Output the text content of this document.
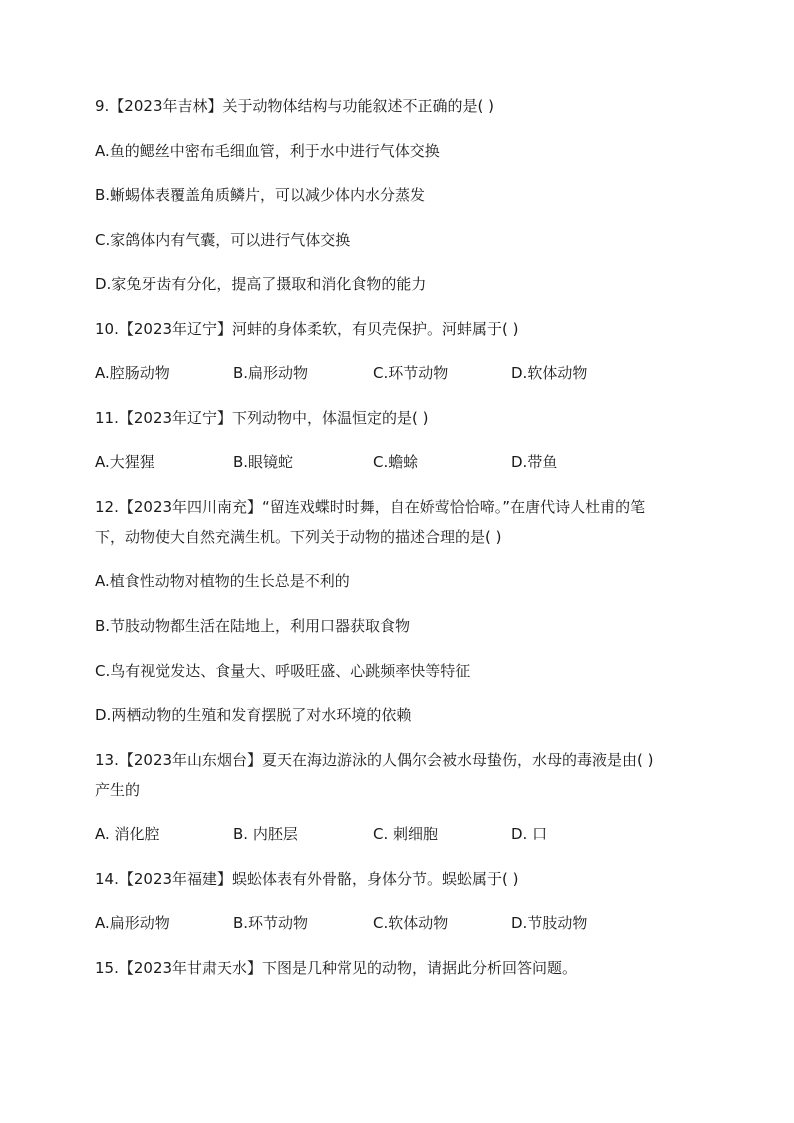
9.【2023年吉林】关于动物体结构与功能叙述不正确的是( )
A.鱼的鳃丝中密布毛细血管，利于水中进行气体交换
B.蜥蜴体表覆盖角质鳞片，可以减少体内水分蒸发
C.家鸽体内有气囊，可以进行气体交换
D.家兔牙齿有分化，提高了摄取和消化食物的能力
10.【2023年辽宁】河蚌的身体柔软，有贝壳保护。河蚌属于( )
A.腔肠动物	B.扁形动物	C.环节动物	D.软体动物
11.【2023年辽宁】下列动物中，体温恒定的是( )
A.大猩猩	B.眼镜蛇	C.蟾蜍	D.带鱼
12.【2023年四川南充】“留连戏蝶时时舞，自在娇莺恰恰啼。”在唐代诗人杜甫的笔
下，动物使大自然充满生机。下列关于动物的描述合理的是( )
A.植食性动物对植物的生长总是不利的
B.节肢动物都生活在陆地上，利用口器获取食物
C.鸟有视觉发达、食量大、呼吸旺盛、心跳频率快等特征
D.两栖动物的生殖和发育摆脱了对水环境的依赖
13.【2023年山东烟台】夏天在海边游泳的人偶尔会被水母蛰伤，水母的毒液是由( )
产生的
A. 消化腔	B. 内胚层	C. 刺细胞	D. 口
14.【2023年福建】蜈蚣体表有外骨骼，身体分节。蜈蚣属于( )
A.扁形动物	B.环节动物	C.软体动物	D.节肢动物
15.【2023年甘肃天水】下图是几种常见的动物，请据此分析回答问题。
